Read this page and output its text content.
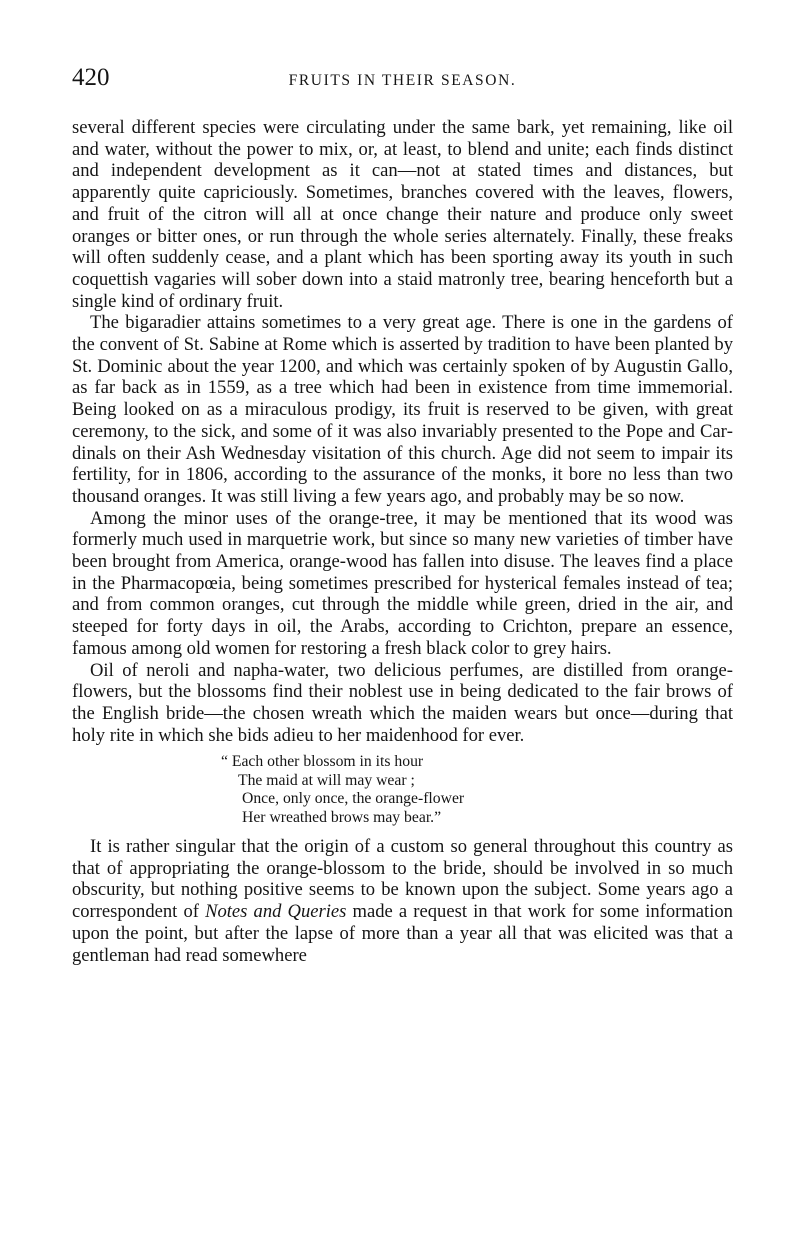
420	FRUITS IN THEIR SEASON.

several different species were circulating under the same bark, yet remaining, like oil and water, without the power to mix, or, at least, to blend and unite; each finds distinct and independent development as it can—not at stated times and distances, but apparently quite capriciously. Sometimes, branches covered with the leaves, flowers, and fruit of the citron will all at once change their nature and produce only sweet oranges or bitter ones, or run through the whole series alternately. Finally, these freaks will often suddenly cease, and a plant which has been sporting away its youth in such coquettish vagaries will sober down into a staid matronly tree, bearing henceforth but a single kind of ordinary fruit.

The bigaradier attains sometimes to a very great age. There is one in the gardens of the convent of St. Sabine at Rome which is asserted by tradition to have been planted by St. Dominic about the year 1200, and which was certainly spoken of by Augustin Gallo, as far back as in 1559, as a tree which had been in existence from time immemorial. Being looked on as a miraculous prodigy, its fruit is reserved to be given, with great ceremony, to the sick, and some of it was also invariably presented to the Pope and Cardinals on their Ash Wednesday visitation of this church. Age did not seem to impair its fertility, for in 1806, according to the assurance of the monks, it bore no less than two thousand oranges. It was still living a few years ago, and probably may be so now.

Among the minor uses of the orange-tree, it may be mentioned that its wood was formerly much used in marquetrie work, but since so many new varieties of timber have been brought from America, orange-wood has fallen into disuse. The leaves find a place in the Pharmacopœia, being sometimes prescribed for hysterical females instead of tea; and from common oranges, cut through the middle while green, dried in the air, and steeped for forty days in oil, the Arabs, according to Crichton, prepare an essence, famous among old women for restoring a fresh black color to grey hairs.

Oil of neroli and napha-water, two delicious perfumes, are distilled from orange-flowers, but the blossoms find their noblest use in being dedicated to the fair brows of the English bride—the chosen wreath which the maiden wears but once—during that holy rite in which she bids adieu to her maidenhood for ever.

“ Each other blossom in its hour
The maid at will may wear ;
Once, only once, the orange-flower
Her wreathed brows may bear.”

It is rather singular that the origin of a custom so general throughout this country as that of appropriating the orange-blossom to the bride, should be involved in so much obscurity, but nothing positive seems to be known upon the subject. Some years ago a correspondent of Notes and Queries made a request in that work for some information upon the point, but after the lapse of more than a year all that was elicited was that a gentleman had read somewhere
